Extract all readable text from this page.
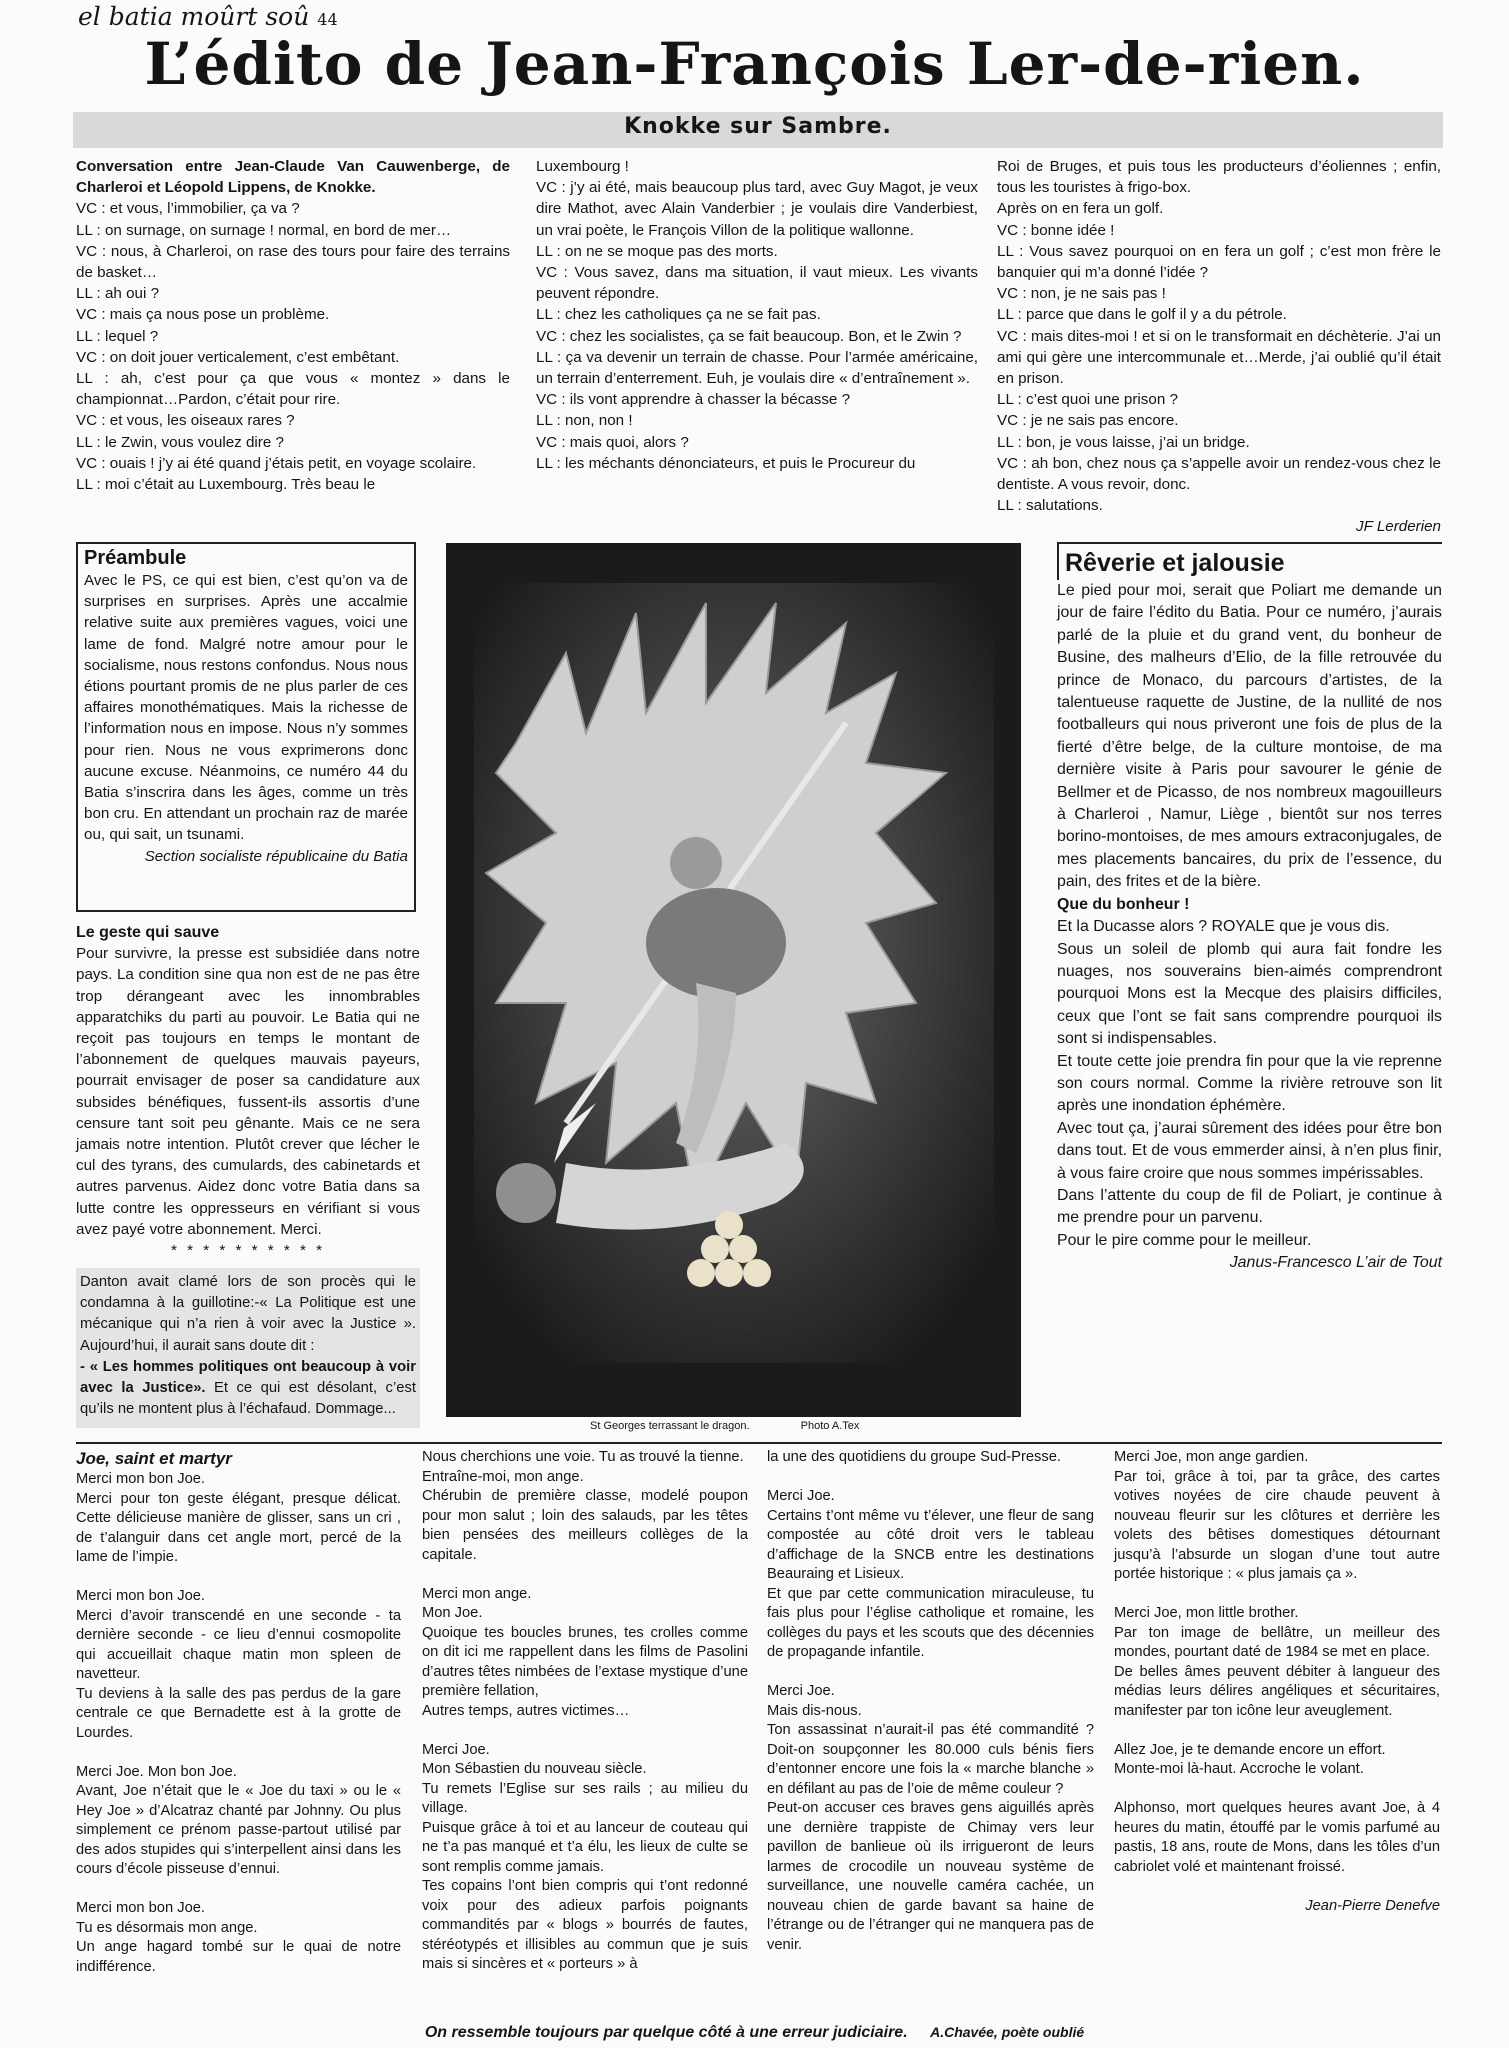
el batia moûrt soû 44
L’édito de Jean-François Ler-de-rien.
Knokke sur Sambre.

Conversation entre Jean-Claude Van Cauwenberge, de Charleroi et Léopold Lippens, de Knokke.

VC : et vous, l’immobilier, ça va ?

LL : on surnage, on surnage ! normal, en bord de mer…

VC : nous, à Charleroi, on rase des tours pour faire des terrains de basket…

LL : ah oui ?

VC : mais ça nous pose un problème.

LL : lequel ?

VC : on doit jouer verticalement, c’est embêtant.

LL : ah, c’est pour ça que vous « montez » dans le championnat…Pardon, c’était pour rire.

VC : et vous, les oiseaux rares ?

LL : le Zwin, vous voulez dire ?

VC : ouais ! j’y ai été quand j’étais petit, en voyage scolaire.

LL : moi c’était au Luxembourg. Très beau le

Luxembourg !

VC : j’y ai été, mais beaucoup plus tard, avec Guy Magot, je veux dire Mathot, avec Alain Vanderbier ; je voulais dire Vanderbiest, un vrai poète, le François Villon de la politique wallonne.

LL : on ne se moque pas des morts.

VC : Vous savez, dans ma situation, il vaut mieux. Les vivants peuvent répondre.

LL : chez les catholiques ça ne se fait pas.

VC : chez les socialistes, ça se fait beaucoup. Bon, et le Zwin ?

LL : ça va devenir un terrain de chasse. Pour l’armée américaine, un terrain d’enterrement. Euh, je voulais dire « d’entraînement ».

VC : ils vont apprendre à chasser la bécasse ?

LL : non, non !

VC : mais quoi, alors ?

LL : les méchants dénonciateurs, et puis le Procureur du

Roi de Bruges, et puis tous les producteurs d’éoliennes ; enfin, tous les touristes à frigo-box.

Après on en fera un golf.

VC : bonne idée !

LL : Vous savez pourquoi on en fera un golf ; c’est mon frère le banquier qui m’a donné l’idée ?

VC : non, je ne sais pas !

LL : parce que dans le golf il y a du pétrole.

VC : mais dites-moi ! et si on le transformait en déchèterie. J’ai un ami qui gère une intercommunale et…Merde, j’ai oublié qu’il était en prison.

LL : c’est quoi une prison ?

VC : je ne sais pas encore.

LL : bon, je vous laisse, j’ai un bridge.

VC : ah bon, chez nous ça s’appelle avoir un rendez-vous chez le dentiste. A vous revoir, donc.

LL : salutations.

JF Lerderien

Préambule

Avec le PS, ce qui est bien, c’est qu’on va de surprises en surprises. Après une accalmie relative suite aux premières vagues, voici une lame de fond. Malgré notre amour pour le socialisme, nous restons confondus. Nous nous étions pourtant promis de ne plus parler de ces affaires monothématiques. Mais la richesse de l’information nous en impose. Nous n’y sommes pour rien. Nous ne vous exprimerons donc aucune excuse. Néanmoins, ce numéro 44 du Batia s’inscrira dans les âges, comme un très bon cru. En attendant un prochain raz de marée ou, qui sait, un tsunami.

Section socialiste républicaine du Batia

Le geste qui sauve

Pour survivre, la presse est subsidiée dans notre pays. La condition sine qua non est de ne pas être trop dérangeant avec les innombrables apparatchiks du parti au pouvoir. Le Batia qui ne reçoit pas toujours en temps le montant de l’abonnement de quelques mauvais payeurs, pourrait envisager de poser sa candidature aux subsides bénéfiques, fussent-ils assortis d’une censure tant soit peu gênante. Mais ce ne sera jamais notre intention. Plutôt crever que lécher le cul des tyrans, des cumulards, des cabinetards et autres parvenus. Aidez donc votre Batia dans sa lutte contre les oppresseurs en vérifiant si vous avez payé votre abonnement. Merci.

* * * * * * * * * *

Danton avait clamé lors de son procès qui le condamna à la guillotine:-« La Politique est une mécanique qui n’a rien à voir avec la Justice ». Aujourd’hui, il aurait sans doute dit :
- « Les hommes politiques ont beaucoup à voir avec la Justice». Et ce qui est désolant, c’est qu’ils ne montent plus à l’échafaud. Dommage...
St Georges terrassant le dragon.	Photo A.Tex
Rêverie et jalousie

Le pied pour moi, serait que Poliart me demande un jour de faire l’édito du Batia. Pour ce numéro, j’aurais parlé de la pluie et du grand vent, du bonheur de Busine, des malheurs d’Elio, de la fille retrouvée du prince de Monaco, du parcours d’artistes, de la talentueuse raquette de Justine, de la nullité de nos footballeurs qui nous priveront une fois de plus de la fierté d’être belge, de la culture montoise, de ma dernière visite à Paris pour savourer le génie de Bellmer et de Picasso, de nos nombreux magouilleurs à Charleroi , Namur, Liège , bientôt sur nos terres borino-montoises, de mes amours extraconjugales, de mes placements bancaires, du prix de l’essence, du pain, des frites et de la bière.

Que du bonheur !

Et la Ducasse alors ? ROYALE que je vous dis.

Sous un soleil de plomb qui aura fait fondre les nuages, nos souverains bien-aimés comprendront pourquoi Mons est la Mecque des plaisirs difficiles, ceux que l’ont se fait sans comprendre pourquoi ils sont si indispensables.

Et toute cette joie prendra fin pour que la vie reprenne son cours normal. Comme la rivière retrouve son lit après une inondation éphémère.

Avec tout ça, j’aurai sûrement des idées pour être bon dans tout. Et de vous emmerder ainsi, à n’en plus finir, à vous faire croire que nous sommes impérissables.

Dans l’attente du coup de fil de Poliart, je continue à me prendre pour un parvenu.

Pour le pire comme pour le meilleur.

Janus-Francesco L’air de Tout

Joe, saint et martyr

Merci mon bon Joe.
Merci pour ton geste élégant, presque délicat. Cette délicieuse manière de glisser, sans un cri , de t’alanguir dans cet angle mort, percé de la lame de l’impie.

Merci mon bon Joe.
Merci d’avoir transcendé en une seconde - ta dernière seconde - ce lieu d’ennui cosmopolite qui accueillait chaque matin mon spleen de navetteur.
Tu deviens à la salle des pas perdus de la gare centrale ce que Bernadette est à la grotte de Lourdes.

Merci Joe. Mon bon Joe.
Avant, Joe n’était que le « Joe du taxi » ou le « Hey Joe » d’Alcatraz chanté par Johnny. Ou plus simplement ce prénom passe-partout utilisé par des ados stupides qui s’interpellent ainsi dans les cours d’école pisseuse d’ennui.

Merci mon bon Joe.
Tu es désormais mon ange.
Un ange hagard tombé sur le quai de notre indifférence.

Nous cherchions une voie. Tu as trouvé la tienne.
Entraîne-moi, mon ange.
Chérubin de première classe, modelé poupon pour mon salut ; loin des salauds, par les têtes bien pensées des meilleurs collèges de la capitale.

Merci mon ange.
Mon Joe.
Quoique tes boucles brunes, tes crolles comme on dit ici me rappellent dans les films de Pasolini d’autres têtes nimbées de l’extase mystique d’une première fellation,
Autres temps, autres victimes…

Merci Joe.
Mon Sébastien du nouveau siècle.
Tu remets l’Eglise sur ses rails ; au milieu du village.
Puisque grâce à toi et au lanceur de couteau qui ne t’a pas manqué et t’a élu, les lieux de culte se sont remplis comme jamais.
Tes copains l’ont bien compris qui t’ont redonné voix pour des adieux parfois poignants commandités par « blogs » bourrés de fautes, stéréotypés et illisibles au commun que je suis mais si sincères et « porteurs » à

la une des quotidiens du groupe Sud-Presse.

Merci Joe.
Certains t’ont même vu t’élever, une fleur de sang compostée au côté droit vers le tableau d’affichage de la SNCB entre les destinations Beauraing et Lisieux.
Et que par cette communication miraculeuse, tu fais plus pour l’église catholique et romaine, les collèges du pays et les scouts que des décennies de propagande infantile.

Merci Joe.
Mais dis-nous.
Ton assassinat n’aurait-il pas été commandité ? Doit-on soupçonner les 80.000 culs bénis fiers d’entonner encore une fois la « marche blanche » en défilant au pas de l’oie de même couleur ?
Peut-on accuser ces braves gens aiguillés après une dernière trappiste de Chimay vers leur pavillon de banlieue où ils irrigueront de leurs larmes de crocodile un nouveau système de surveillance, une nouvelle caméra cachée, un nouveau chien de garde bavant sa haine de l’étrange ou de l’étranger qui ne manquera pas de venir.

Merci Joe, mon ange gardien.
Par toi, grâce à toi, par ta grâce, des cartes votives noyées de cire chaude peuvent à nouveau fleurir sur les clôtures et derrière les volets des bêtises domestiques détournant jusqu’à l’absurde un slogan d’une tout autre portée historique : « plus jamais ça ».

Merci Joe, mon little brother.
Par ton image de bellâtre, un meilleur des mondes, pourtant daté de 1984 se met en place.
De belles âmes peuvent débiter à langueur des médias leurs délires angéliques et sécuritaires, manifester par ton icône leur aveuglement.

Allez Joe, je te demande encore un effort.
Monte-moi là-haut. Accroche le volant.

Alphonso, mort quelques heures avant Joe, à 4 heures du matin, étouffé par le vomis parfumé au pastis, 18 ans, route de Mons, dans les tôles d’un cabriolet volé et maintenant froissé.

Jean-Pierre Denefve

On ressemble toujours par quelque côté à une erreur judiciaire. A.Chavée, poète oublié
